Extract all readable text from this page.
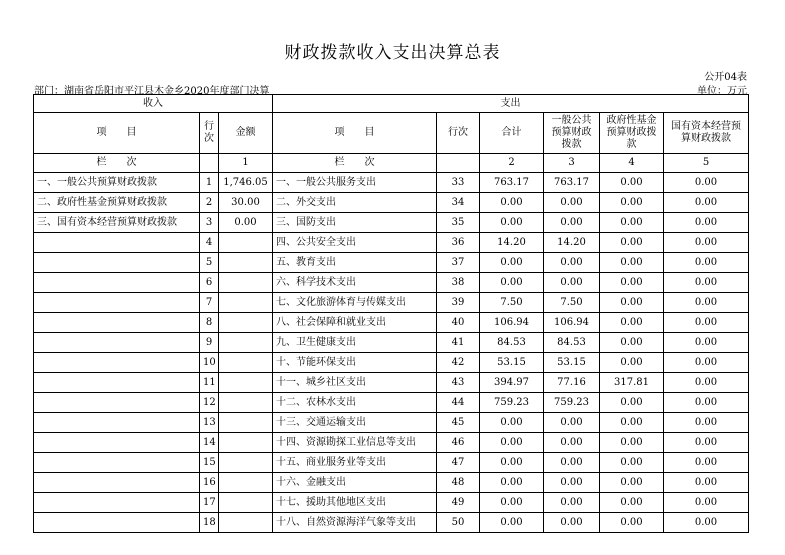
财政拨款收入支出决算总表
公开04表
部门：湖南省岳阳市平江县木金乡2020年度部门决算	单位：万元
收入			支出					
项　　目	行次	金额	项　　目	行次	合计	一般公共预算财政拨款	政府性基金预算财政拨款	国有资本经营预算财政拨款
栏　　次		1	栏　　次		2	3	4	5
一、一般公共预算财政拨款	1	1,746.05	一、一般公共服务支出	33	763.17	763.17	0.00	0.00
二、政府性基金预算财政拨款	2	30.00	二、外交支出	34	0.00	0.00	0.00	0.00
三、国有资本经营预算财政拨款	3	0.00	三、国防支出	35	0.00	0.00	0.00	0.00
	4		四、公共安全支出	36	14.20	14.20	0.00	0.00
	5		五、教育支出	37	0.00	0.00	0.00	0.00
	6		六、科学技术支出	38	0.00	0.00	0.00	0.00
	7		七、文化旅游体育与传媒支出	39	7.50	7.50	0.00	0.00
	8		八、社会保障和就业支出	40	106.94	106.94	0.00	0.00
	9		九、卫生健康支出	41	84.53	84.53	0.00	0.00
	10		十、节能环保支出	42	53.15	53.15	0.00	0.00
	11		十一、城乡社区支出	43	394.97	77.16	317.81	0.00
	12		十二、农林水支出	44	759.23	759.23	0.00	0.00
	13		十三、交通运输支出	45	0.00	0.00	0.00	0.00
	14		十四、资源勘探工业信息等支出	46	0.00	0.00	0.00	0.00
	15		十五、商业服务业等支出	47	0.00	0.00	0.00	0.00
	16		十六、金融支出	48	0.00	0.00	0.00	0.00
	17		十七、援助其他地区支出	49	0.00	0.00	0.00	0.00
	18		十八、自然资源海洋气象等支出	50	0.00	0.00	0.00	0.00
